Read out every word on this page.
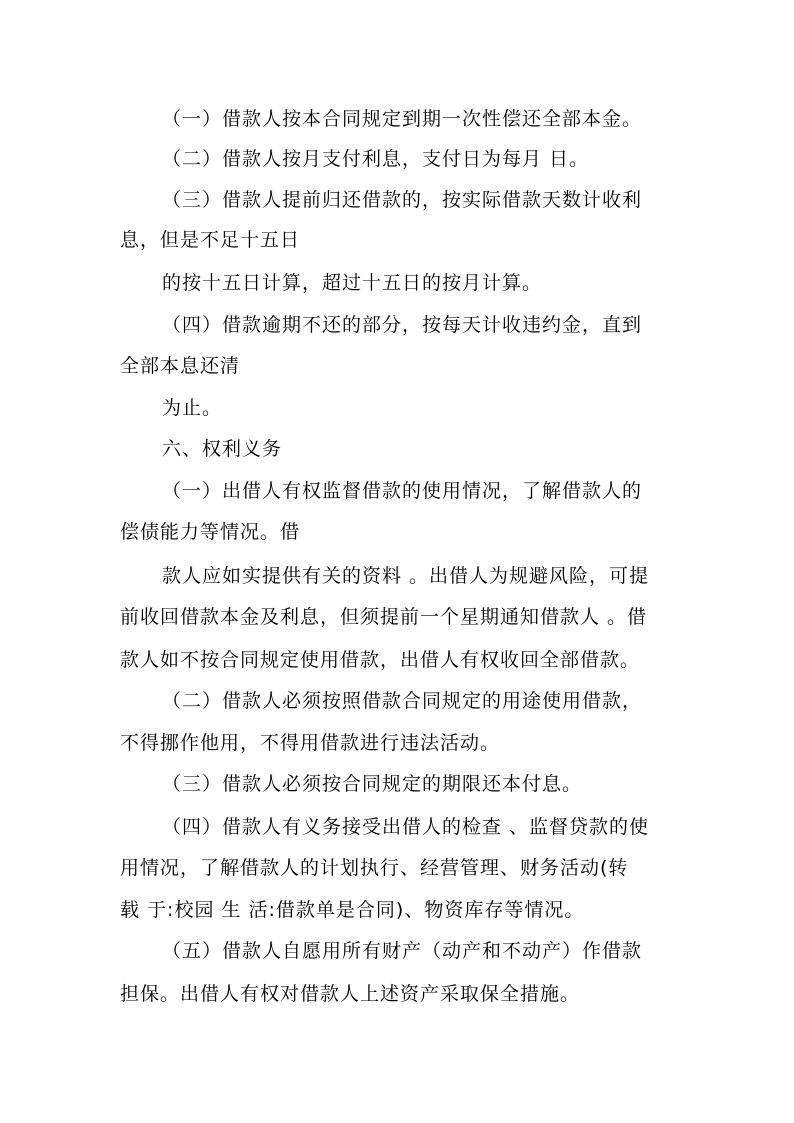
（一）借款人按本合同规定到期一次性偿还全部本金。
（二）借款人按月支付利息，支付日为每月 日。
（三）借款人提前归还借款的，按实际借款天数计收利
息，但是不足十五日
的按十五日计算，超过十五日的按月计算。
（四）借款逾期不还的部分，按每天计收违约金，直到
全部本息还清
为止。
六、权利义务
（一）出借人有权监督借款的使用情况，了解借款人的
偿债能力等情况。借
款人应如实提供有关的资料 。出借人为规避风险，可提
前收回借款本金及利息，但须提前一个星期通知借款人 。借
款人如不按合同规定使用借款，出借人有权收回全部借款。
（二）借款人必须按照借款合同规定的用途使用借款，
不得挪作他用，不得用借款进行违法活动。
（三）借款人必须按合同规定的期限还本付息。
（四）借款人有义务接受出借人的检查 、监督贷款的使
用情况，了解借款人的计划执行、经营管理、财务活动(转
载 于:校园 生 活:借款单是合同)、物资库存等情况。
（五）借款人自愿用所有财产（动产和不动产）作借款
担保。出借人有权对借款人上述资产采取保全措施。
